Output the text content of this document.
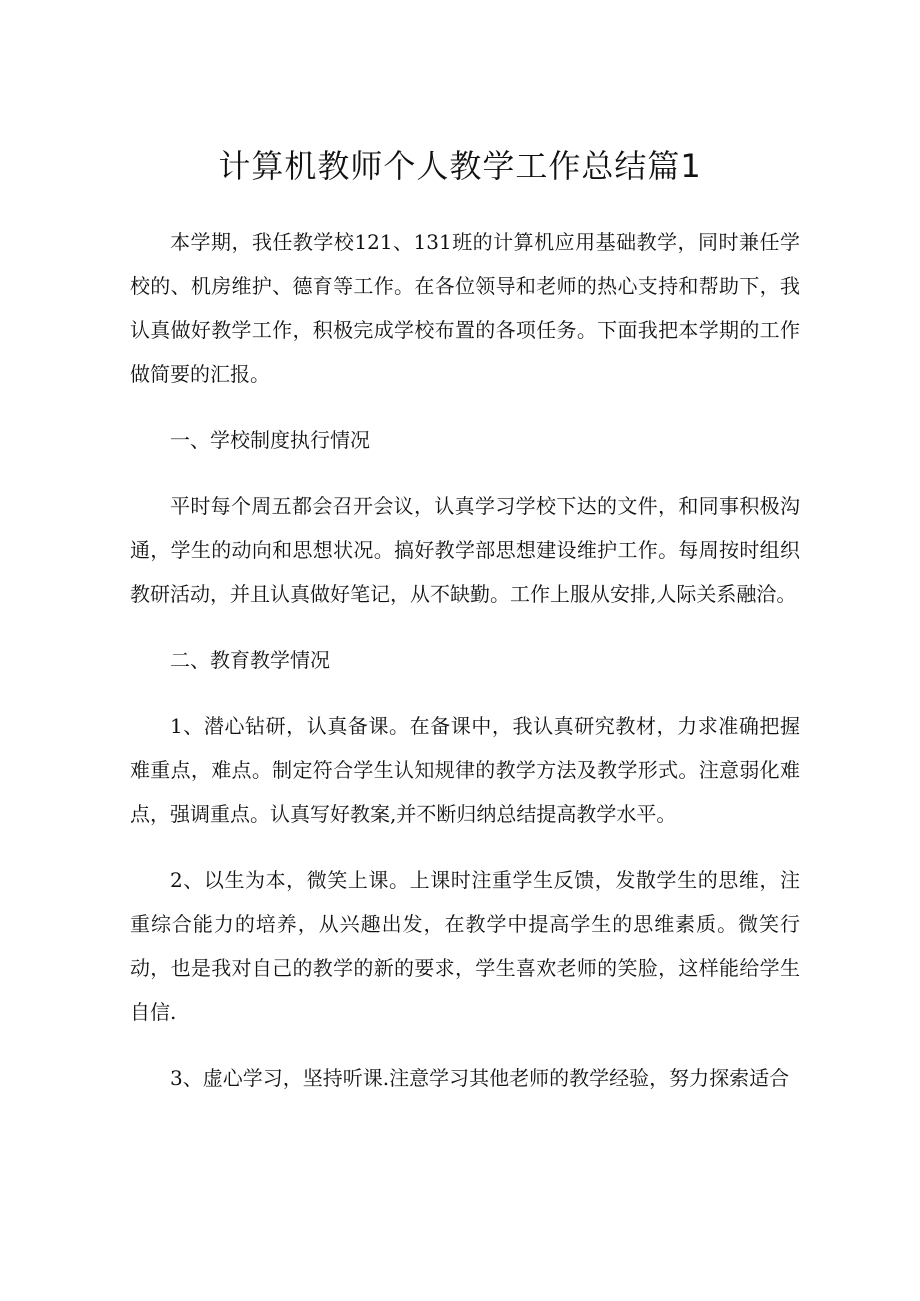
计算机教师个人教学工作总结篇1

本学期，我任教学校121、131班的计算机应用基础教学，同时兼任学校的、机房维护、德育等工作。在各位领导和老师的热心支持和帮助下，我认真做好教学工作，积极完成学校布置的各项任务。下面我把本学期的工作做简要的汇报。

一、学校制度执行情况

平时每个周五都会召开会议，认真学习学校下达的文件，和同事积极沟通，学生的动向和思想状况。搞好教学部思想建设维护工作。每周按时组织教研活动，并且认真做好笔记，从不缺勤。工作上服从安排,人际关系融洽。

二、教育教学情况

1、潜心钻研，认真备课。在备课中，我认真研究教材，力求准确把握难重点，难点。制定符合学生认知规律的教学方法及教学形式。注意弱化难点，强调重点。认真写好教案,并不断归纳总结提高教学水平。

2、以生为本，微笑上课。上课时注重学生反馈，发散学生的思维，注重综合能力的培养，从兴趣出发，在教学中提高学生的思维素质。微笑行动，也是我对自己的教学的新的要求，学生喜欢老师的笑脸，这样能给学生自信.

3、虚心学习，坚持听课.注意学习其他老师的教学经验，努力探索适合
